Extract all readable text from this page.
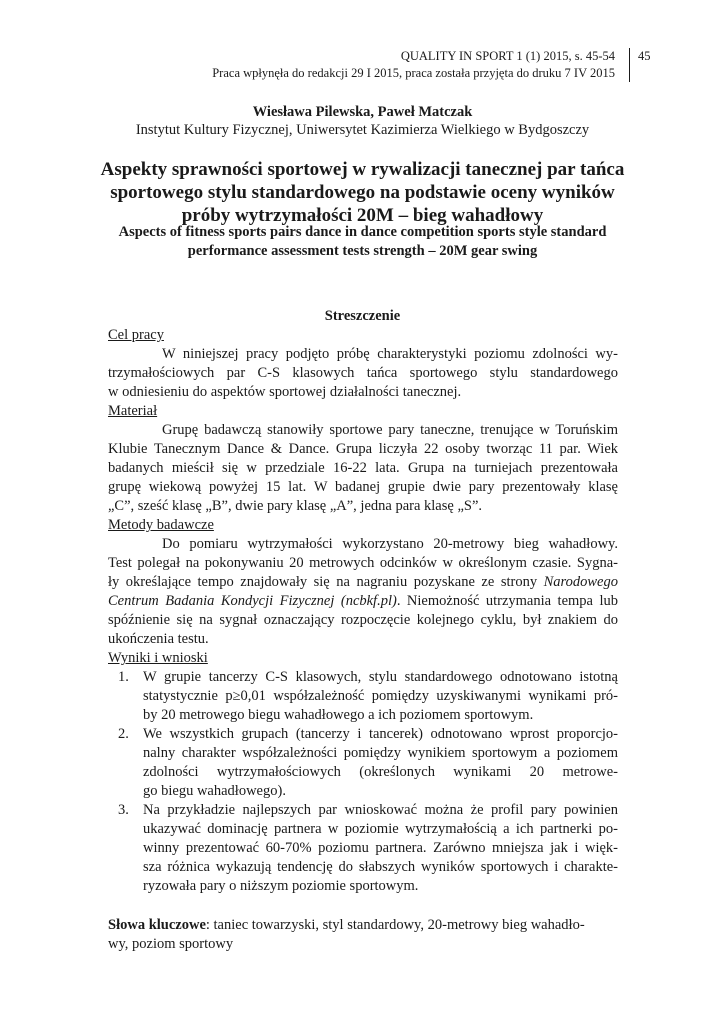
QUALITY IN SPORT 1 (1) 2015, s. 45-54
Praca wpłynęła do redakcji 29 I 2015, praca została przyjęta do druku 7 IV 2015
45
Wiesława Pilewska, Paweł Matczak
Instytut Kultury Fizycznej, Uniwersytet Kazimierza Wielkiego w Bydgoszczy
Aspekty sprawności sportowej w rywalizacji tanecznej par tańca
sportowego stylu standardowego na podstawie oceny wyników
próby wytrzymałości 20M – bieg wahadłowy
Aspects of fitness sports pairs dance in dance competition sports style standard
performance assessment tests strength – 20M gear swing
Streszczenie
Cel pracy
W niniejszej pracy podjęto próbę charakterystyki poziomu zdolności wy-
trzymałościowych par C-S klasowych tańca sportowego stylu standardowego
w odniesieniu do aspektów sportowej działalności tanecznej.
Materiał
Grupę badawczą stanowiły sportowe pary taneczne, trenujące w Toruńskim
Klubie Tanecznym Dance & Dance. Grupa liczyła 22 osoby tworząc 11 par. Wiek
badanych mieścił się w przedziale 16-22 lata. Grupa na turniejach prezentowała
grupę wiekową powyżej 15 lat. W badanej grupie dwie pary prezentowały klasę
„C”, sześć klasę „B”, dwie pary klasę „A”, jedna para klasę „S”.
Metody badawcze
Do pomiaru wytrzymałości wykorzystano 20-metrowy bieg wahadłowy.
Test polegał na pokonywaniu 20 metrowych odcinków w określonym czasie. Sygna-
ły określające tempo znajdowały się na nagraniu pozyskane ze strony Narodowego
Centrum Badania Kondycji Fizycznej (ncbkf.pl). Niemożność utrzymania tempa lub
spóźnienie się na sygnał oznaczający rozpoczęcie kolejnego cyklu, był znakiem do
ukończenia testu.
Wyniki i wnioski
1. W grupie tancerzy C-S klasowych, stylu standardowego odnotowano istotną
statystycznie p≥0,01 współzależność pomiędzy uzyskiwanymi wynikami pró-
by 20 metrowego biegu wahadłowego a ich poziomem sportowym.
2. We wszystkich grupach (tancerzy i tancerek) odnotowano wprost proporcjo-
nalny charakter współzależności pomiędzy wynikiem sportowym a poziomem
zdolności wytrzymałościowych (określonych wynikami 20 metrowe-
go biegu wahadłowego).
3. Na przykładzie najlepszych par wnioskować można że profil pary powinien
ukazywać dominację partnera w poziomie wytrzymałością a ich partnerki po-
winny prezentować 60-70% poziomu partnera. Zarówno mniejsza jak i więk-
sza różnica wykazują tendencję do słabszych wyników sportowych i charakte-
ryzowała pary o niższym poziomie sportowym.
Słowa kluczowe: taniec towarzyski, styl standardowy, 20-metrowy bieg wahadło-
wy, poziom sportowy
